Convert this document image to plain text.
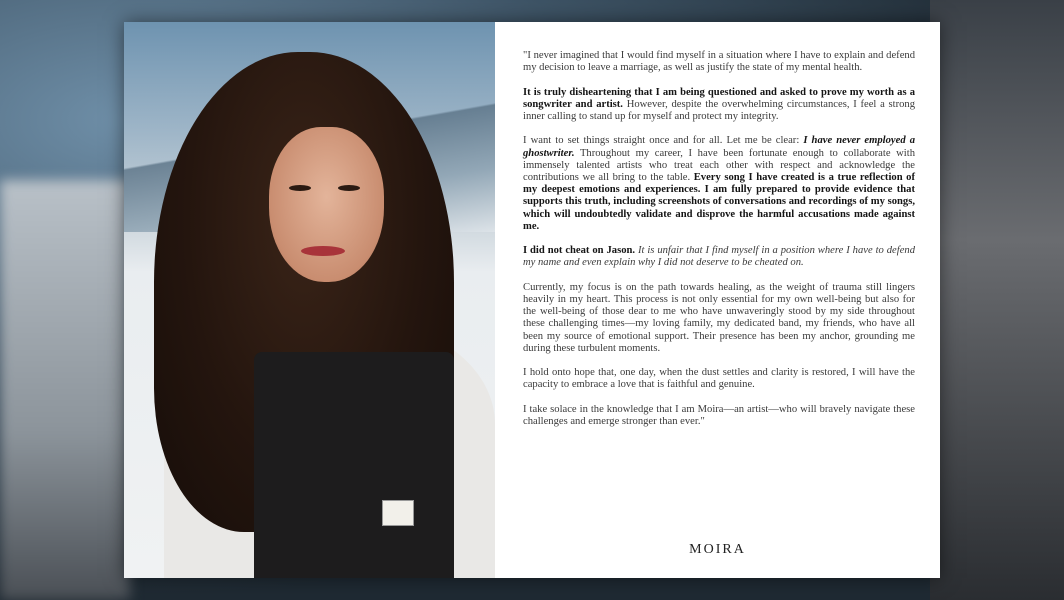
"I never imagined that I would find myself in a situation where I have to explain and defend my decision to leave a marriage, as well as justify the state of my mental health.

It is truly disheartening that I am being questioned and asked to prove my worth as a songwriter and artist. However, despite the overwhelming circumstances, I feel a strong inner calling to stand up for myself and protect my integrity.

I want to set things straight once and for all. Let me be clear: I have never employed a ghostwriter. Throughout my career, I have been fortunate enough to collaborate with immensely talented artists who treat each other with respect and acknowledge the contributions we all bring to the table. Every song I have created is a true reflection of my deepest emotions and experiences. I am fully prepared to provide evidence that supports this truth, including screenshots of conversations and recordings of my songs, which will undoubtedly validate and disprove the harmful accusations made against me.

I did not cheat on Jason. It is unfair that I find myself in a position where I have to defend my name and even explain why I did not deserve to be cheated on.

Currently, my focus is on the path towards healing, as the weight of trauma still lingers heavily in my heart. This process is not only essential for my own well-being but also for the well-being of those dear to me who have unwaveringly stood by my side throughout these challenging times—my loving family, my dedicated band, my friends, who have all been my source of emotional support. Their presence has been my anchor, grounding me during these turbulent moments.

I hold onto hope that, one day, when the dust settles and clarity is restored, I will have the capacity to embrace a love that is faithful and genuine.

I take solace in the knowledge that I am Moira—an artist—who will bravely navigate these challenges and emerge stronger than ever."

MOIRA
